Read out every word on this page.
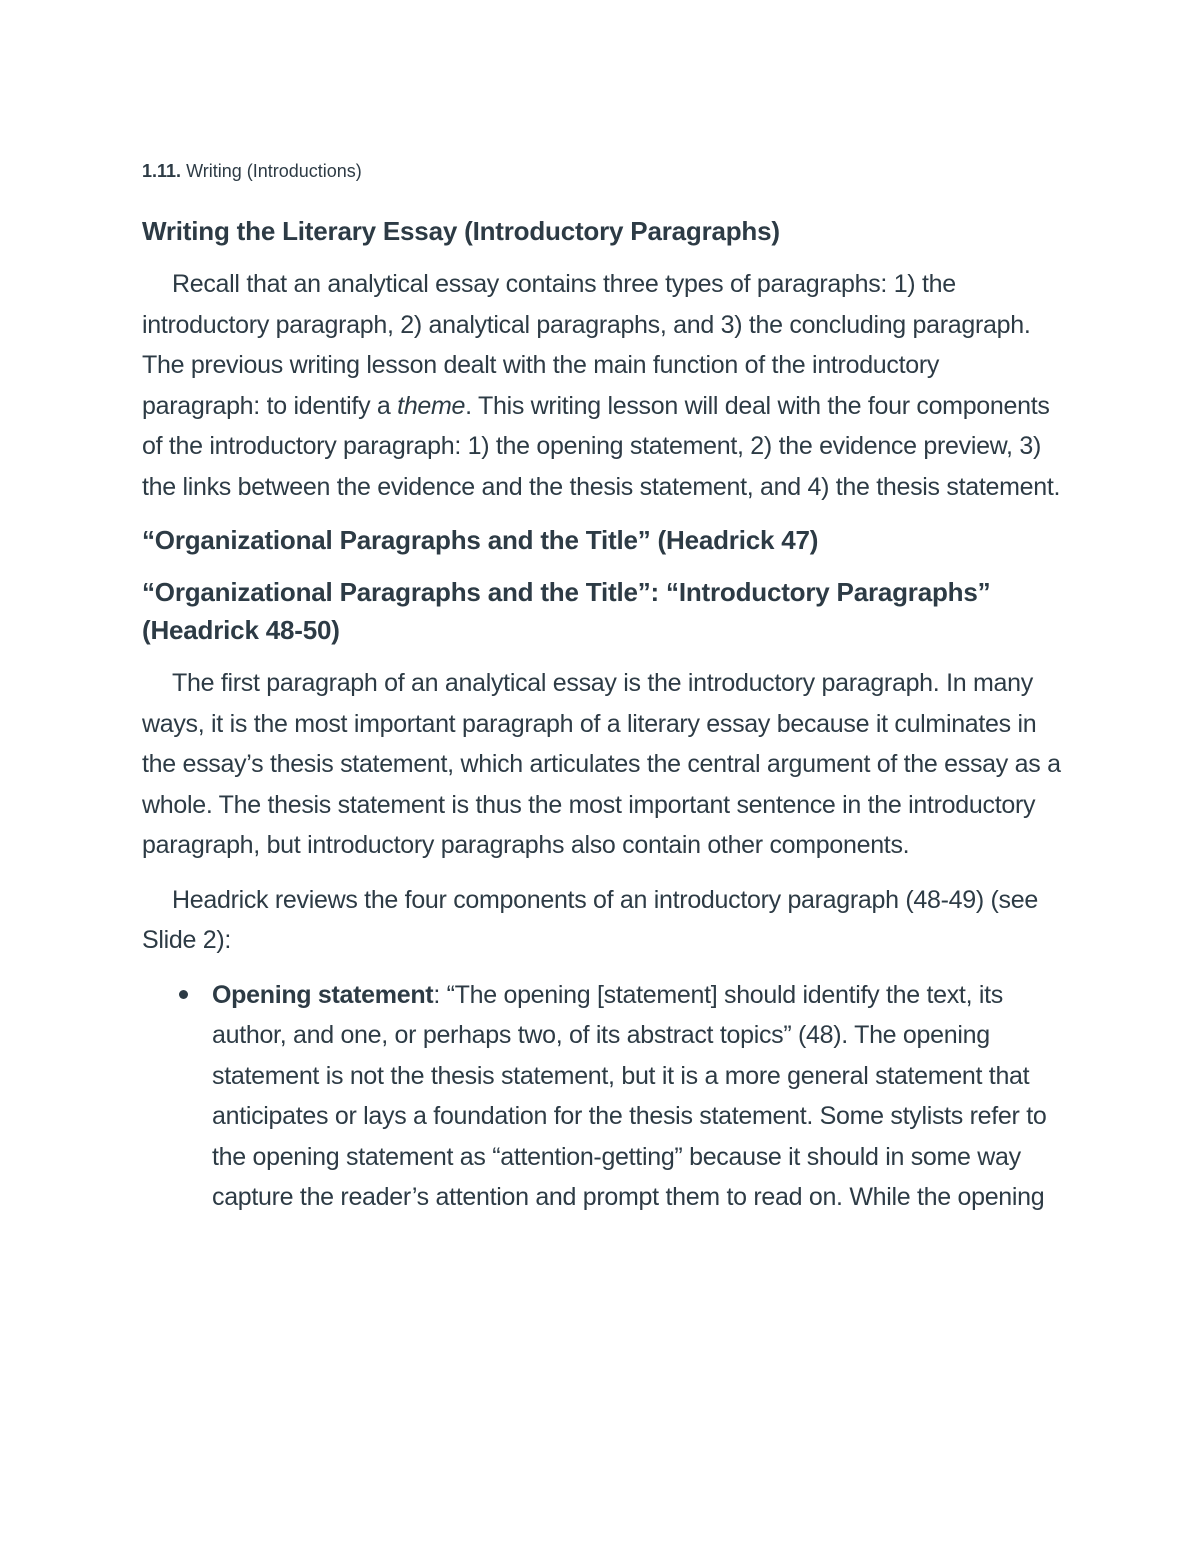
1.11. Writing (Introductions)
Writing the Literary Essay (Introductory Paragraphs)

Recall that an analytical essay contains three types of paragraphs: 1) the introductory paragraph, 2) analytical paragraphs, and 3) the concluding paragraph. The previous writing lesson dealt with the main function of the introductory paragraph: to identify a theme. This writing lesson will deal with the four components of the introductory paragraph: 1) the opening statement, 2) the evidence preview, 3) the links between the evidence and the thesis statement, and 4) the thesis statement.

“Organizational Paragraphs and the Title” (Headrick 47)
“Organizational Paragraphs and the Title”: “Introductory Paragraphs” (Headrick 48-50)

The first paragraph of an analytical essay is the introductory paragraph. In many ways, it is the most important paragraph of a literary essay because it culminates in the essay’s thesis statement, which articulates the central argument of the essay as a whole. The thesis statement is thus the most important sentence in the introductory paragraph, but introductory paragraphs also contain other components.

Headrick reviews the four components of an introductory paragraph (48-49) (see Slide 2):

Opening statement: “The opening [statement] should identify the text, its author, and one, or perhaps two, of its abstract topics” (48). The opening statement is not the thesis statement, but it is a more general statement that anticipates or lays a foundation for the thesis statement. Some stylists refer to the opening statement as “attention-getting” because it should in some way capture the reader’s attention and prompt them to read on. While the opening
